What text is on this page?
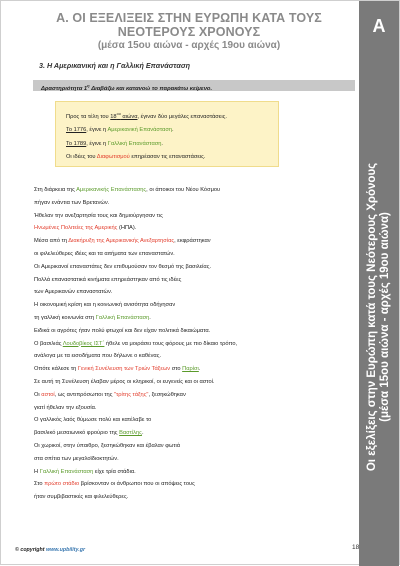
Α. ΟΙ ΕΞΕΛΙΞΕΙΣ ΣΤΗΝ ΕΥΡΩΠΗ ΚΑΤΑ ΤΟΥΣ ΝΕΟΤΕΡΟΥΣ ΧΡΟΝΟΥΣ
(μέσα 15ου αιώνα - αρχές 19ου αιώνα)
3. Η Αμερικανική και η Γαλλική Επανάσταση
Δραστηριότητα $1^\eta$ Διαβάζω και κατανοώ το παρακάτω κείμενο.

Προς τα τέλη του $18^{o\upsilon}$ αιώνα, έγιναν δύο μεγάλες επαναστάσεις.

Το 1776, έγινε η Αμερικανική Επανάσταση.

Το 1789, έγινε η Γαλλική Επανάσταση.

Οι ιδέες του Διαφωτισμού επηρέασαν τις επαναστάσεις.

Στη διάρκεια της Αμερικανικής Επανάστασης, οι άποικοι του Νέου Κόσμου

πήγαν ενάντια των Βρετανών.

Ήθελαν την ανεξαρτησία τους και δημιούργησαν τις

Ηνωμένες Πολιτείες της Αμερικής (ΗΠΑ).

Μέσα από τη Διακήρυξη της Αμερικανικής Ανεξαρτησίας, εκφράστηκαν

οι φιλελεύθερες ιδέες και τα αιτήματα των επαναστατών.

Οι Αμερικανοί επαναστάτες δεν επιθυμούσαν τον θεσμό της βασιλείας.

Πολλά επαναστατικά κινήματα επηρεάστηκαν από τις ιδέες

των Αμερικανών επαναστατών.

Η οικονομική κρίση και η κοινωνική ανισότητα οδήγησαν

τη γαλλική κοινωνία στη Γαλλική Επανάσταση.

Ειδικά οι αγρότες ήταν πολύ φτωχοί και δεν είχαν πολιτικά δικαιώματα.

Ο βασιλιάς Λουδοβίκος ΙΣΤ΄ ήθελε να μοιράσει τους φόρους με πιο δίκαιο τρόπο,

ανάλογα με τα εισοδήματα που δήλωνε ο καθένας.

Οπότε κάλεσε τη Γενική Συνέλευση των Τριών Τάξεων στο Παρίσι.

Σε αυτή τη Συνέλευση έλαβαν μέρος οι κληρικοί, οι ευγενείς και οι αστοί.

Οι αστοί, ως αντιπρόσωποι της "τρίτης τάξης", ξεσηκώθηκαν

γιατί ήθελαν την εξουσία.

Ο γαλλικός λαός θύμωσε πολύ και κατέλαβε το

βασιλικό μεσαιωνικό φρούριο της Βαστίλης.

Οι χωρικοί, στην ύπαιθρο, ξεσηκώθηκαν και έβαλαν φωτιά

στα σπίτια των μεγαλοϊδιοκτητών.

Η Γαλλική Επανάσταση είχε τρία στάδια.

Στο πρώτο στάδιο βρίσκονταν οι άνθρωποι που οι απόψεις τους

ήταν συμβιβαστικές και φιλελεύθερες.

© copyright www.upbility.gr	18
A
Οι εξελίξεις στην Ευρώπη κατά τους Νεότερους Χρόνους
(μέσα 15ου αιώνα - αρχές 19ου αιώνα)
